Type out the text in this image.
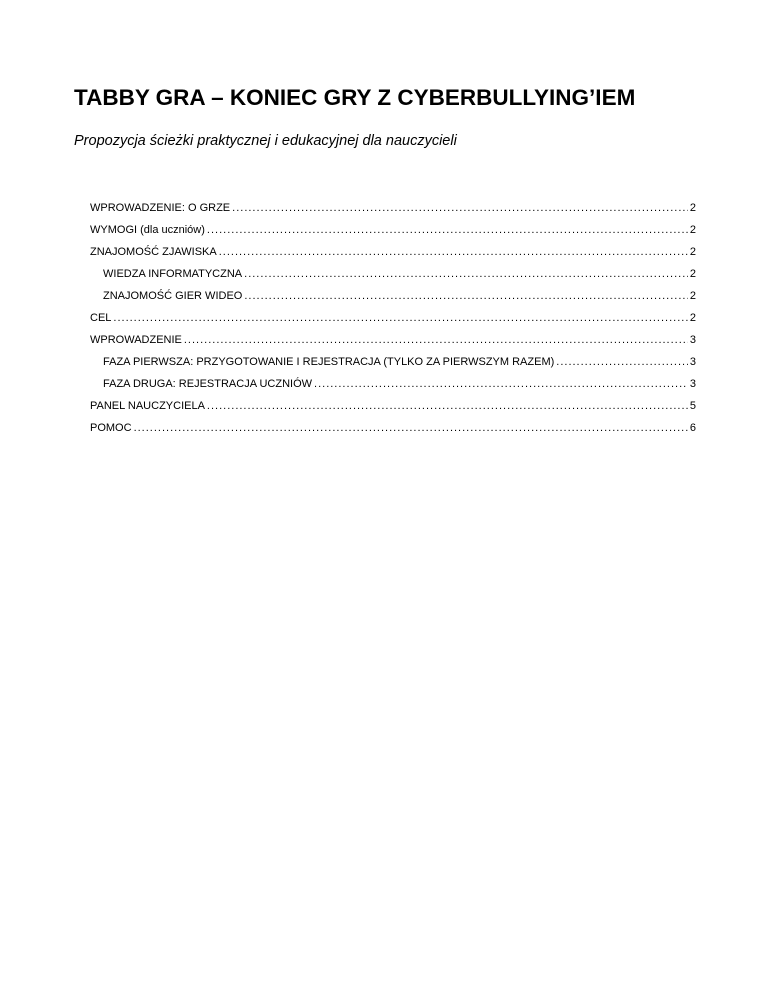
TABBY GRA – KONIEC GRY Z CYBERBULLYING’IEM

Propozycja ścieżki praktycznej i edukacyjnej dla nauczycieli

WPROWADZENIE: O GRZE .....	2
WYMOGI (dla uczniów) .....	2
ZNAJOMOŚĆ ZJAWISKA .....	2
WIEDZA INFORMATYCZNA .....	2
ZNAJOMOŚĆ GIER WIDEO .....	2
CEL .....	2
WPROWADZENIE .....	3
FAZA PIERWSZA: PRZYGOTOWANIE I REJESTRACJA (TYLKO ZA PIERWSZYM RAZEM) .....	3
FAZA DRUGA: REJESTRACJA UCZNIÓW .....	3
PANEL NAUCZYCIELA .....	5
POMOC .....	6
